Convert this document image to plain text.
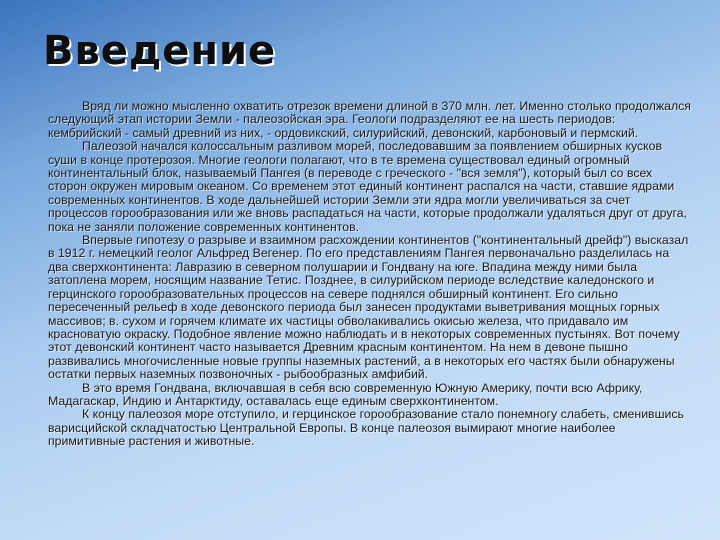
Введение

Вряд ли можно мысленно охватить отрезок времени длиной в 370 млн. лет. Именно столько продолжался следующий этап истории Земли - палеозойская эра. Геологи подразделяют ее на шесть периодов: кембрийский - самый древний из них, - ордовикский, силурийский, девонский, карбоновый и пермский.

Палеозой начался колоссальным разливом морей, последовавшим за появлением обширных кусков суши в конце протерозоя. Многие геологи полагают, что в те времена существовал единый огромный континентальный блок, называемый Пангея (в переводе с греческого - "вся земля"), который был со всех сторон окружен мировым океаном. Со временем этот единый континент распался на части, ставшие ядрами современных континентов. В ходе дальнейшей истории Земли эти ядра могли увеличиваться за счет процессов горообразования или же вновь распадаться на части, которые продолжали удаляться друг от друга, пока не заняли положение современных континентов.

Впервые гипотезу о разрыве и взаимном расхождении континентов ("континентальный дрейф") высказал в 1912 г. немецкий геолог Альфред Вегенер. По его представлениям Пангея первоначально разделилась на два сверхконтинента: Лавразию в северном полушарии и Гондвану на юге. Впадина между ними была затоплена морем, носящим название Тетис. Позднее, в силурийском периоде вследствие каледонского и герцинского горообразовательных процессов на севере поднялся обширный континент. Его сильно пересеченный рельеф в ходе девонского периода был занесен продуктами выветривания мощных горных массивов; в. сухом и горячем климате их частицы обволакивались окисью железа, что придавало им красноватую окраску. Подобное явление можно наблюдать и в некоторых современных пустынях. Вот почему этот девонский континент часто называется Древним красным континентом. На нем в девоне пышно развивались многочисленные новые группы наземных растений, а в некоторых его частях были обнаружены остатки первых наземных позвоночных - рыбообразных амфибий.

В это время Гондвана, включавшая в себя всю современную Южную Америку, почти всю Африку, Мадагаскар, Индию и Антарктиду, оставалась еще единым сверхконтинентом.

К концу палеозоя море отступило, и герцинское горообразование стало понемногу слабеть, сменившись варисцийской складчатостью Центральной Европы. В конце палеозоя вымирают многие наиболее примитивные растения и животные.
